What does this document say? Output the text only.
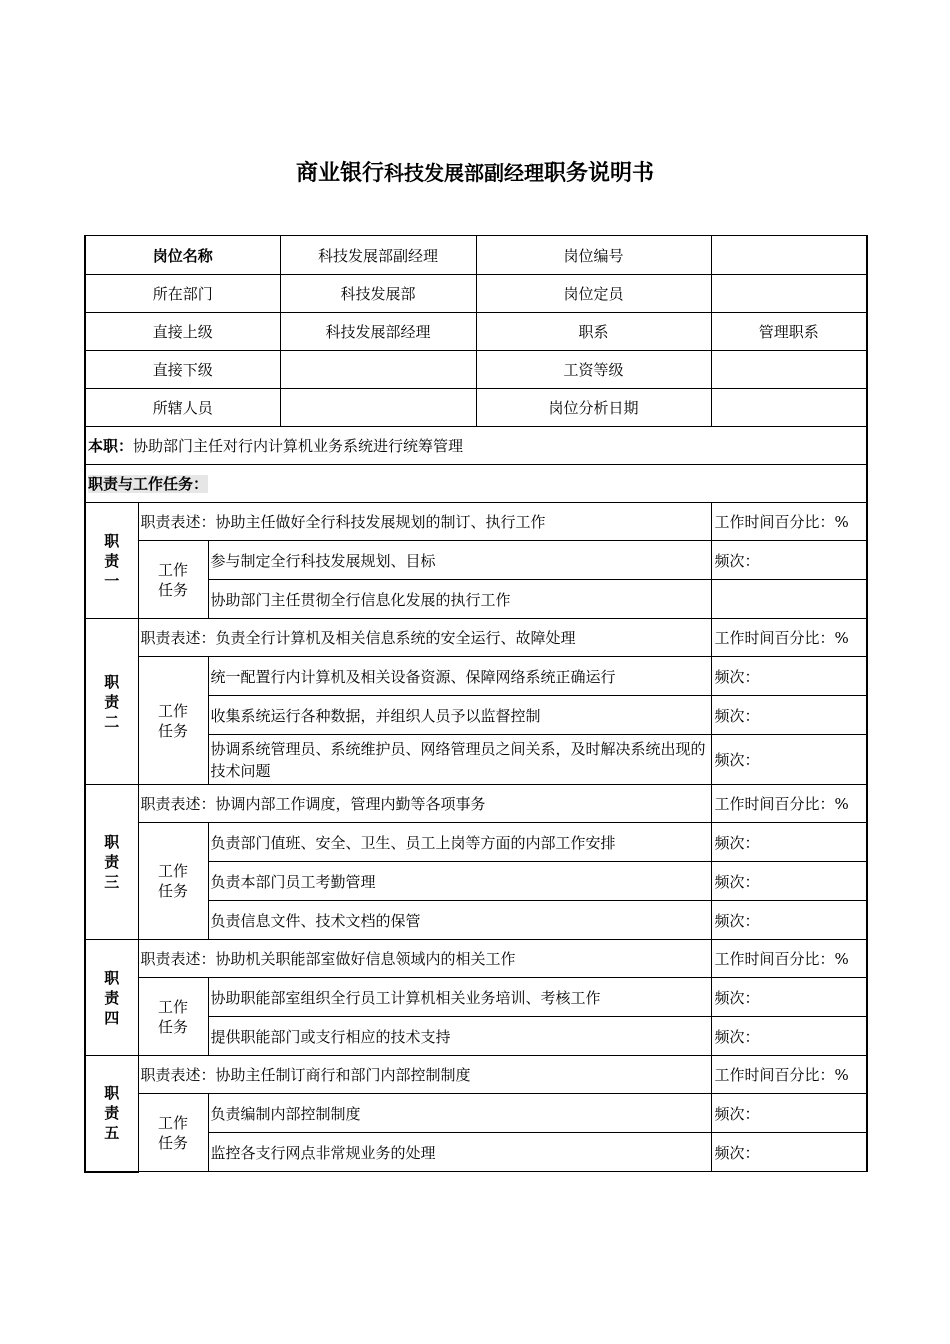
商业银行科技发展部副经理职务说明书
岗位名称			科技发展部副经理	岗位编号	
所在部门			科技发展部	岗位定员	
直接上级			科技发展部经理	职系	管理职系
直接下级				工资等级	
所辖人员				岗位分析日期	
本职：协助部门主任对行内计算机业务系统进行统筹管理					
职责与工作任务：					
职责一	职责表述：协助主任做好全行科技发展规划的制订、执行工作				工作时间百分比：%
	工作任务	参与制定全行科技发展规划、目标			频次：
		协助部门主任贯彻全行信息化发展的执行工作			
职责二	职责表述：负责全行计算机及相关信息系统的安全运行、故障处理				工作时间百分比：%
	工作任务	统一配置行内计算机及相关设备资源、保障网络系统正确运行			频次：
		收集系统运行各种数据，并组织人员予以监督控制			频次：
		协调系统管理员、系统维护员、网络管理员之间关系，及时解决系统出现的技术问题			频次：
职责三	职责表述：协调内部工作调度，管理内勤等各项事务				工作时间百分比：%
	工作任务	负责部门值班、安全、卫生、员工上岗等方面的内部工作安排			频次：
		负责本部门员工考勤管理			频次：
		负责信息文件、技术文档的保管			频次：
职责四	职责表述：协助机关职能部室做好信息领域内的相关工作				工作时间百分比：%
	工作任务	协助职能部室组织全行员工计算机相关业务培训、考核工作			频次：
		提供职能部门或支行相应的技术支持			频次：
职责五	职责表述：协助主任制订商行和部门内部控制制度				工作时间百分比：%
	工作任务	负责编制内部控制制度			频次：
		监控各支行网点非常规业务的处理			频次：
